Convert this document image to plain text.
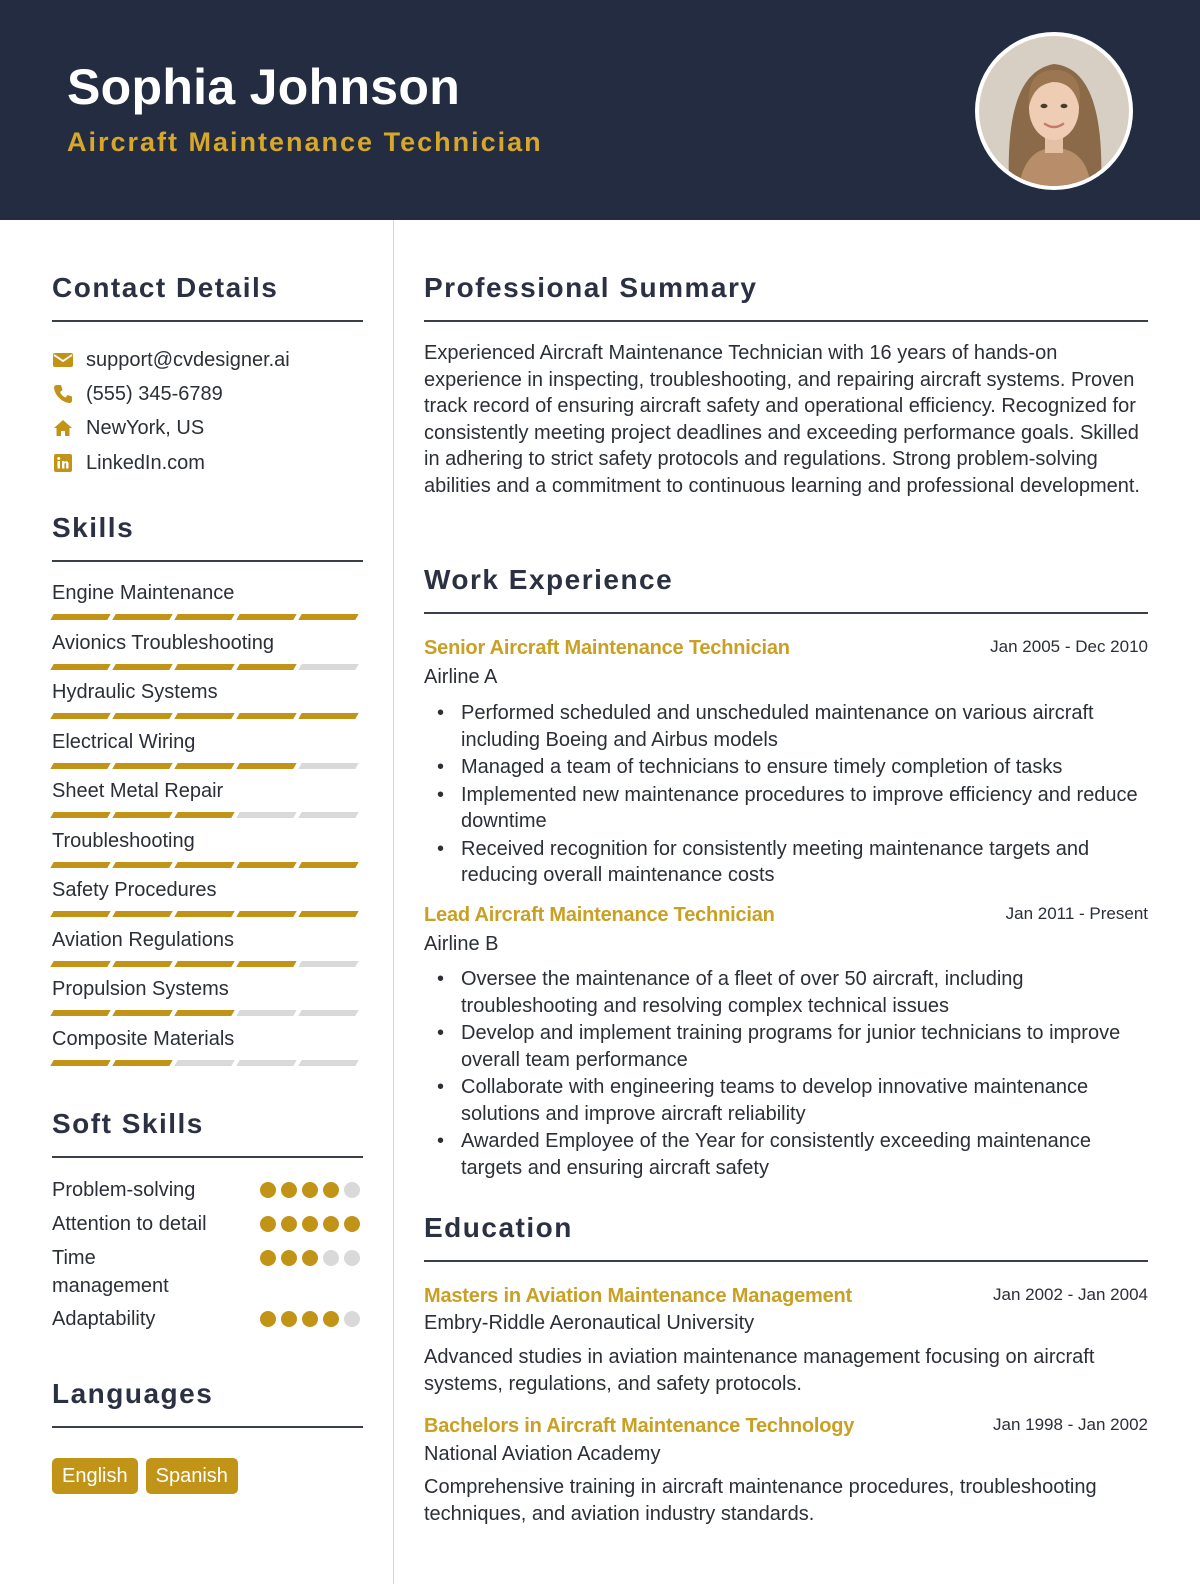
Sophia Johnson
Aircraft Maintenance Technician
Contact Details
support@cvdesigner.ai
(555) 345-6789
NewYork, US
LinkedIn.com
Skills
Engine Maintenance
Avionics Troubleshooting
Hydraulic Systems
Electrical Wiring
Sheet Metal Repair
Troubleshooting
Safety Procedures
Aviation Regulations
Propulsion Systems
Composite Materials
Soft Skills
Problem-solving
Attention to detail
Time management
Adaptability
Languages
English	Spanish
Professional Summary
Experienced Aircraft Maintenance Technician with 16 years of hands-on experience in inspecting, troubleshooting, and repairing aircraft systems. Proven track record of ensuring aircraft safety and operational efficiency. Recognized for consistently meeting project deadlines and exceeding performance goals. Skilled in adhering to strict safety protocols and regulations. Strong problem-solving abilities and a commitment to continuous learning and professional development.
Work Experience
Senior Aircraft Maintenance Technician	Jan 2005 - Dec 2010
Airline A
• Performed scheduled and unscheduled maintenance on various aircraft including Boeing and Airbus models
• Managed a team of technicians to ensure timely completion of tasks
• Implemented new maintenance procedures to improve efficiency and reduce downtime
• Received recognition for consistently meeting maintenance targets and reducing overall maintenance costs
Lead Aircraft Maintenance Technician	Jan 2011 - Present
Airline B
• Oversee the maintenance of a fleet of over 50 aircraft, including troubleshooting and resolving complex technical issues
• Develop and implement training programs for junior technicians to improve overall team performance
• Collaborate with engineering teams to develop innovative maintenance solutions and improve aircraft reliability
• Awarded Employee of the Year for consistently exceeding maintenance targets and ensuring aircraft safety
Education
Masters in Aviation Maintenance Management	Jan 2002 - Jan 2004
Embry-Riddle Aeronautical University
Advanced studies in aviation maintenance management focusing on aircraft systems, regulations, and safety protocols.
Bachelors in Aircraft Maintenance Technology	Jan 1998 - Jan 2002
National Aviation Academy
Comprehensive training in aircraft maintenance procedures, troubleshooting techniques, and aviation industry standards.
